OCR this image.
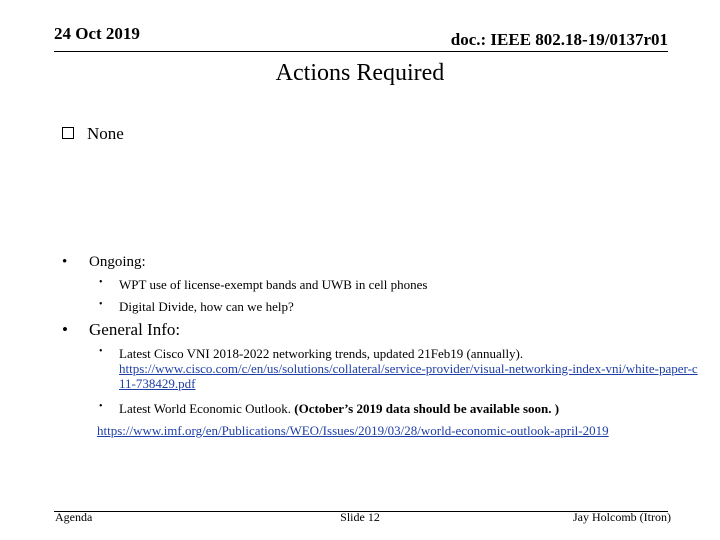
24 Oct 2019	doc.: IEEE 802.18-19/0137r01
Actions Required
None
• Ongoing:
• WPT use of license-exempt bands and UWB in cell phones
• Digital Divide, how can we help?
• General Info:
• Latest Cisco VNI 2018-2022 networking trends, updated 21Feb19 (annually).
https://www.cisco.com/c/en/us/solutions/collateral/service-provider/visual-networking-index-vni/white-paper-c11-738429.pdf
• Latest World Economic Outlook. (October’s 2019 data should be available soon. )
https://www.imf.org/en/Publications/WEO/Issues/2019/03/28/world-economic-outlook-april-2019
Agenda	Slide 12	Jay Holcomb (Itron)
